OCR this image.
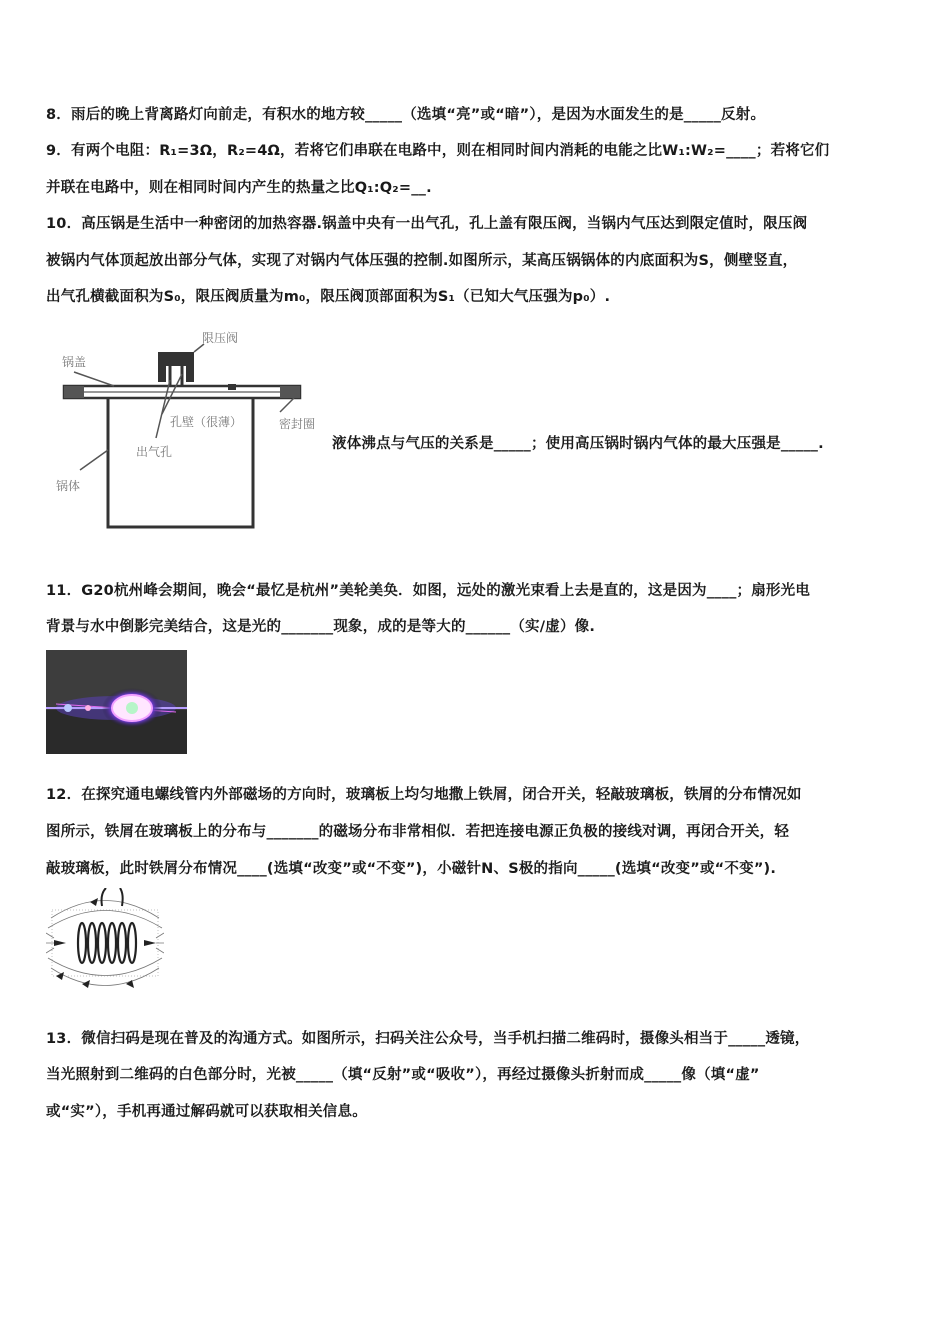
8．雨后的晚上背离路灯向前走，有积水的地方较_____（选填“亮”或“暗”），是因为水面发生的是_____反射。
9．有两个电阻：R₁=3Ω，R₂=4Ω，若将它们串联在电路中，则在相同时间内消耗的电能之比W₁:W₂=____；若将它们
并联在电路中，则在相同时间内产生的热量之比Q₁:Q₂=__.
10．高压锅是生活中一种密闭的加热容器.锅盖中央有一出气孔，孔上盖有限压阀，当锅内气压达到限定值时，限压阀
被锅内气体顶起放出部分气体，实现了对锅内气体压强的控制.如图所示，某高压锅锅体的内底面积为S，侧壁竖直，
出气孔横截面积为S₀，限压阀质量为m₀，限压阀顶部面积为S₁（已知大气压强为p₀）.
限压阀
锅盖
孔壁（很薄）	密封圈
出气孔
锅体
液体沸点与气压的关系是_____；使用高压锅时锅内气体的最大压强是_____.
11．G20杭州峰会期间，晚会“最忆是杭州”美轮美奂．如图，远处的激光束看上去是直的，这是因为____；扇形光电
背景与水中倒影完美结合，这是光的_______现象，成的是等大的______（实/虚）像.
12．在探究通电螺线管内外部磁场的方向时，玻璃板上均匀地撒上铁屑，闭合开关，轻敲玻璃板，铁屑的分布情况如
图所示，铁屑在玻璃板上的分布与_______的磁场分布非常相似．若把连接电源正负极的接线对调，再闭合开关，轻
敲玻璃板，此时铁屑分布情况____(选填“改变”或“不变”)，小磁针N、S极的指向_____(选填“改变”或“不变”).
13．微信扫码是现在普及的沟通方式。如图所示，扫码关注公众号，当手机扫描二维码时，摄像头相当于_____透镜，
当光照射到二维码的白色部分时，光被_____（填“反射”或“吸收”），再经过摄像头折射而成_____像（填“虚”
或“实”），手机再通过解码就可以获取相关信息。
